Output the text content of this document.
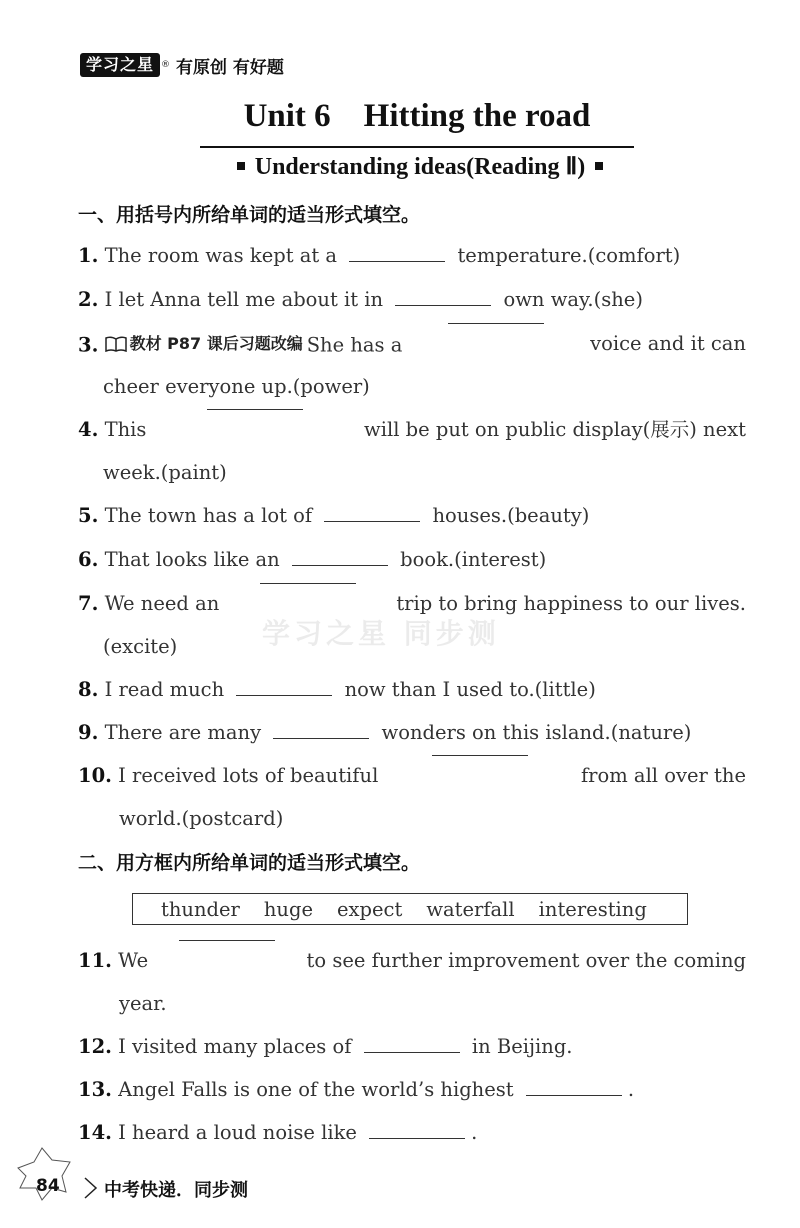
学习之星 ® 有原创 有好题
Unit 6    Hitting the road
Understanding ideas(Reading Ⅱ)
学习之星 同步测
一、用括号内所给单词的适当形式填空。
1. The room was kept at a	temperature.(comfort)
2. I let Anna tell me about it in	own way.(she)
3. 教材 P87 课后习题改编 She has a	voice and it can
cheer everyone up.(power)
4. This	will be put on public display(展示) next
week.(paint)
5. The town has a lot of	houses.(beauty)
6. That looks like an	book.(interest)
7. We need an	trip to bring happiness to our lives.
(excite)
8. I read much	now than I used to.(little)
9. There are many	wonders on this island.(nature)
10. I received lots of beautiful	from all over the
world.(postcard)
二、用方框内所给单词的适当形式填空。
thunder huge expect waterfall interesting
11. We	to see further improvement over the coming
year.
12. I visited many places of	in Beijing.
13. Angel Falls is one of the world’s highest	.
14. I heard a loud noise like	.
84 中考快递．同步测
